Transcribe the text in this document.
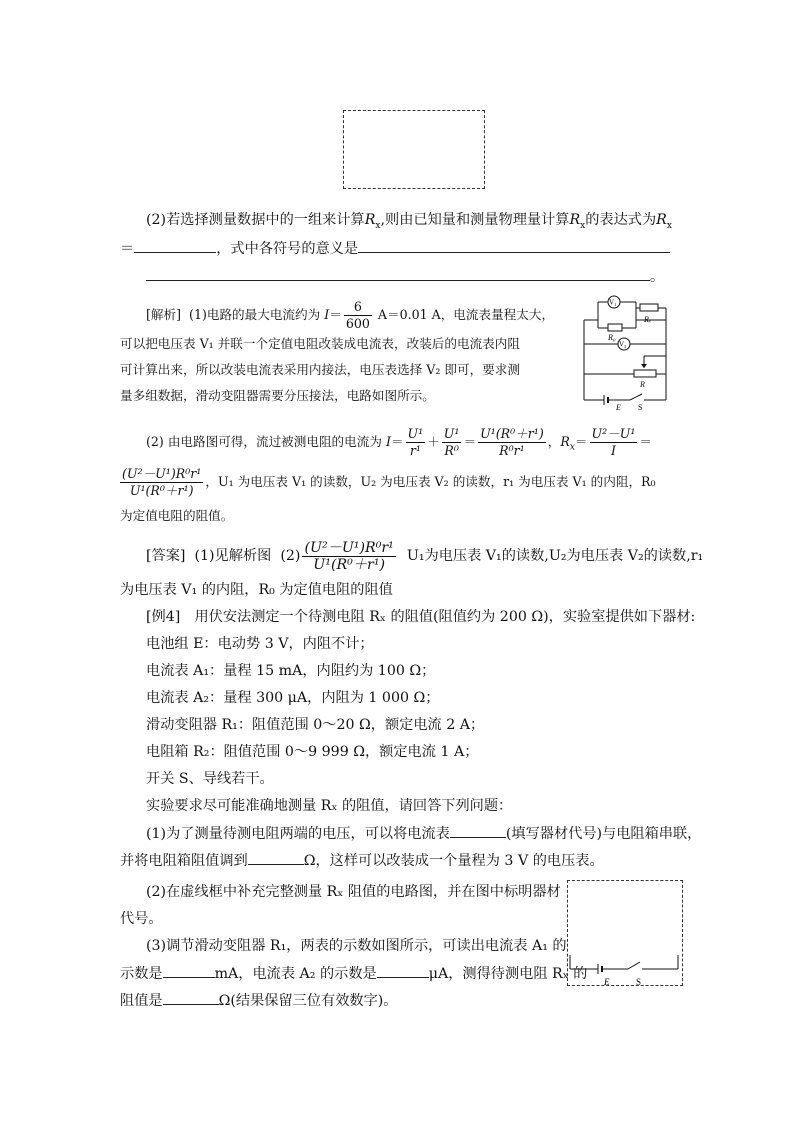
(2)若选择测量数据中的一组来计算$R_x$,则由已知量和测量物理量计算$R_x$的表达式为$R_x$
＝	，式中各符号的意义是
。
[解析] (1)电路的最大电流约为 $I= \frac{6}{600} A=0.01$ A，电流表量程太大，
可以把电压表 V₁ 并联一个定值电阻改装成电流表，改装后的电流表内阻
可计算出来，所以改装电流表采用内接法，电压表选择 V₂ 即可，要求测
量多组数据，滑动变阻器需要分压接法，电路如图所示。
V₁
V₂
R₀
Rₓ
R
E S
(2) 由电路图可得，流过被测电阻的电流为 $I= \frac{\text{U¹}}{\text{r¹}} + \frac{\text{U¹}}{\text{R⁰}} = \frac{\text{U¹(R⁰＋r¹)}}{\text{R⁰r¹}}$ ，$R_x= \frac{\text{U²－U¹}}{I}$ ＝
$\frac{\text{(U²－U¹)R⁰r¹}}{\text{U¹(R⁰＋r¹)}}$ ，U₁ 为电压表 V₁ 的读数，U₂ 为电压表 V₂ 的读数，r₁ 为电压表 V₁ 的内阻，R₀
为定值电阻的阻值。
[答案] (1)见解析图 $(2) \frac{\text{(U²－U¹)R⁰r¹}}{\text{U¹(R⁰＋r¹)}} U_1$为电压表 V₁的读数,U₂为电压表 V₂的读数,r₁
为电压表 V₁ 的内阻，R₀ 为定值电阻的阻值
[例4]　用伏安法测定一个待测电阻 Rₓ 的阻值(阻值约为 200 Ω)，实验室提供如下器材:
电池组 E：电动势 3 V，内阻不计；
电流表 A₁：量程 15 mA，内阻约为 100 Ω；
电流表 A₂：量程 300 μA，内阻为 1 000 Ω；
滑动变阻器 R₁：阻值范围 0～20 Ω，额定电流 2 A；
电阻箱 R₂：阻值范围 0～9 999 Ω，额定电流 1 A；
开关 S、导线若干。
实验要求尽可能准确地测量 Rₓ 的阻值，请回答下列问题：
(1)为了测量待测电阻两端的电压，可以将电流表	(填写器材代号)与电阻箱串联，
并将电阻箱阻值调到	Ω，这样可以改装成一个量程为 3 V 的电压表。
(2)在虚线框中补充完整测量 Rₓ 阻值的电路图，并在图中标明器材
代号。
(3)调节滑动变阻器 R₁，两表的示数如图所示，可读出电流表 A₁ 的
示数是	mA，电流表 A₂ 的示数是	μA，测得待测电阻 Rₓ 的
阻值是	Ω(结果保留三位有效数字)。
E	S
